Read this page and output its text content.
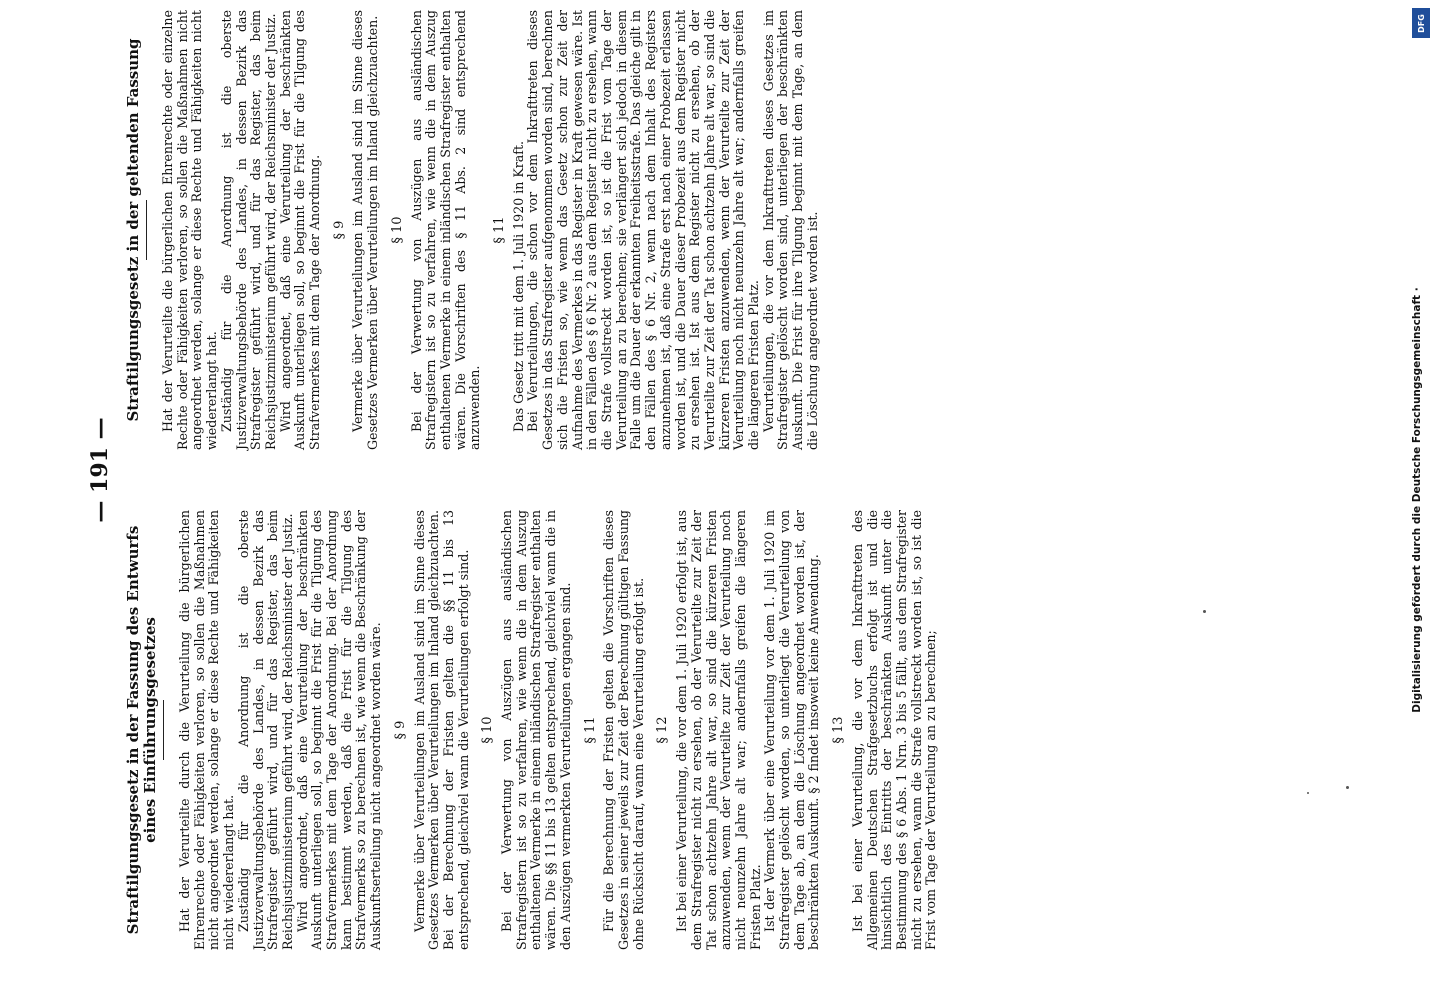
— 191 —
Straftilgungsgesetz in der Fassung des Entwurfs eines Einführungsgesetzes Hat der Verurteilte durch die Verurteilung die bürgerlichen Ehrenrechte oder Fähigkeiten verloren, so sollen die Maßnahmen nicht angeordnet werden, solange er diese Rechte und Fähigkeiten nicht wiedererlangt hat. Zuständig für die Anordnung ist die oberste Justizverwaltungsbehörde des Landes, in dessen Bezirk das Strafregister geführt wird, und für das Register, das beim Reichsjustizministerium geführt wird, der Reichsminister der Justiz. Wird angeordnet, daß eine Verurteilung der beschränkten Auskunft unterliegen soll, so beginnt die Frist für die Tilgung des Strafvermerkes mit dem Tage der Anordnung. Bei der Anordnung kann bestimmt werden, daß die Frist für die Tilgung des Strafvermerks so zu berechnen ist, wie wenn die Beschränkung der Auskunftserteilung nicht angeordnet worden wäre. § 9 Vermerke über Verurteilungen im Ausland sind im Sinne dieses Gesetzes Vermerken über Verurteilungen im Inland gleichzuachten. Bei der Berechnung der Fristen gelten die §§ 11 bis 13 entsprechend, gleichviel wann die Verurteilungen erfolgt sind. § 10 Bei der Verwertung von Auszügen aus ausländischen Strafregistern ist so zu verfahren, wie wenn die in dem Auszug enthaltenen Vermerke in einem inländischen Strafregister enthalten wären. Die §§ 11 bis 13 gelten entsprechend, gleichviel wann die in den Auszügen vermerkten Verurteilungen ergangen sind. § 11 Für die Berechnung der Fristen gelten die Vorschriften dieses Gesetzes in seiner jeweils zur Zeit der Berechnung gültigen Fassung ohne Rücksicht darauf, wann eine Verurteilung erfolgt ist. § 12 Ist bei einer Verurteilung, die vor dem 1. Juli 1920 erfolgt ist, aus dem Strafregister nicht zu ersehen, ob der Verurteilte zur Zeit der Tat schon achtzehn Jahre alt war, so sind die kürzeren Fristen anzuwenden, wenn der Verurteilte zur Zeit der Verurteilung noch nicht neunzehn Jahre alt war; andernfalls greifen die längeren Fristen Platz. Ist der Vermerk über eine Verurteilung vor dem 1. Juli 1920 im Strafregister gelöscht worden, so unterliegt die Verurteilung von dem Tage ab, an dem die Löschung angeordnet worden ist, der beschränkten Auskunft. § 2 findet insoweit keine Anwendung. § 13 Ist bei einer Verurteilung, die vor dem Inkrafttreten des Allgemeinen Deutschen Strafgesetzbuchs erfolgt ist und die hinsichtlich des Eintritts der beschränkten Auskunft unter die Bestimmung des § 6 Abs. 1 Nrn. 3 bis 5 fällt, aus dem Strafregister nicht zu ersehen, wann die Strafe vollstreckt worden ist, so ist die Frist vom Tage der Verurteilung an zu berechnen;
Straftilgungsgesetz in der geltenden Fassung Hat der Verurteilte die bürgerlichen Ehrenrechte oder einzelne Rechte oder Fähigkeiten verloren, so sollen die Maßnahmen nicht angeordnet werden, solange er diese Rechte und Fähigkeiten nicht wiedererlangt hat. Zuständig für die Anordnung ist die oberste Justizverwaltungsbehörde des Landes, in dessen Bezirk das Strafregister geführt wird, und für das Register, das beim Reichsjustizministerium geführt wird, der Reichsminister der Justiz. Wird angeordnet, daß eine Verurteilung der beschränkten Auskunft unterliegen soll, so beginnt die Frist für die Tilgung des Strafvermerkes mit dem Tage der Anordnung. § 9 Vermerke über Verurteilungen im Ausland sind im Sinne dieses Gesetzes Vermerken über Verurteilungen im Inland gleichzuachten. § 10 Bei der Verwertung von Auszügen aus ausländischen Strafregistern ist so zu verfahren, wie wenn die in dem Auszug enthaltenen Vermerke in einem inländischen Strafregister enthalten wären. Die Vorschriften des § 11 Abs. 2 sind entsprechend anzuwenden.
§ 11 Das Gesetz tritt mit dem 1. Juli 1920 in Kraft. Bei Verurteilungen, die schon vor dem Inkrafttreten dieses Gesetzes in das Strafregister aufgenommen worden sind, berechnen sich die Fristen so, wie wenn das Gesetz schon zur Zeit der Aufnahme des Vermerkes in das Register in Kraft gewesen wäre. Ist in den Fällen des § 6 Nr. 2 aus dem Register nicht zu ersehen, wann die Strafe vollstreckt worden ist, so ist die Frist vom Tage der Verurteilung an zu berechnen; sie verlängert sich jedoch in diesem Falle um die Dauer der erkannten Freiheitsstrafe. Das gleiche gilt in den Fällen des § 6 Nr. 2, wenn nach dem Inhalt des Registers anzunehmen ist, daß eine Strafe erst nach einer Probezeit erlassen worden ist, und die Dauer dieser Probezeit aus dem Register nicht zu ersehen ist. Ist aus dem Register nicht zu ersehen, ob der Verurteilte zur Zeit der Tat schon achtzehn Jahre alt war, so sind die kürzeren Fristen anzuwenden, wenn der Verurteilte zur Zeit der Verurteilung noch nicht neunzehn Jahre alt war; andernfalls greifen die längeren Fristen Platz. Verurteilungen, die vor dem Inkrafttreten dieses Gesetzes im Strafregister gelöscht worden sind, unterliegen der beschränkten Auskunft. Die Frist für ihre Tilgung beginnt mit dem Tage, an dem die Löschung angeordnet worden ist.
DFG
Digitalisierung gefördert durch die Deutsche Forschungsgemeinschaft ·
